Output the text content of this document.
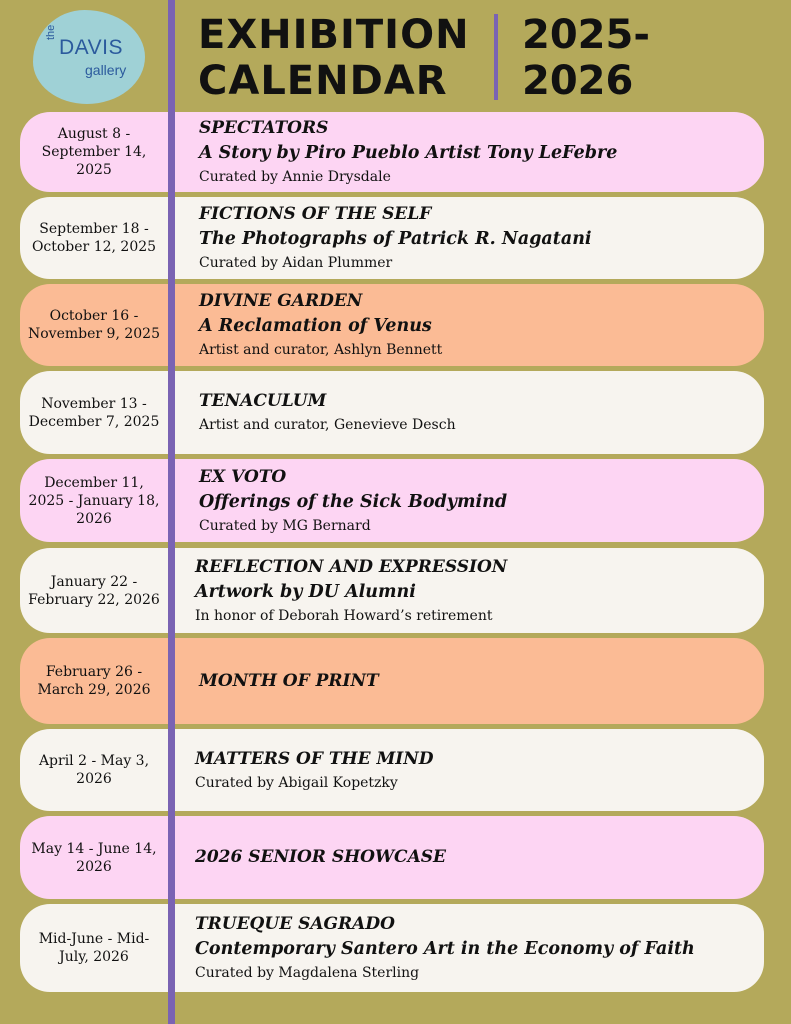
the
DAVIS
gallery
EXHIBITION
CALENDAR
2025-
2026
August 8 - September 14, 2025
SPECTATORS
A Story by Piro Pueblo Artist Tony LeFebre
Curated by Annie Drysdale
September 18 - October 12, 2025
FICTIONS OF THE SELF
The Photographs of Patrick R. Nagatani
Curated by Aidan Plummer
October 16 - November 9, 2025
DIVINE GARDEN
A Reclamation of Venus
Artist and curator, Ashlyn Bennett
November 13 - December 7, 2025
TENACULUM
Artist and curator, Genevieve Desch
December 11, 2025 - January 18, 2026
EX VOTO
Offerings of the Sick Bodymind
Curated by MG Bernard
January 22 - February 22, 2026
REFLECTION AND EXPRESSION
Artwork by DU Alumni
In honor of Deborah Howard’s retirement
February 26 - March 29, 2026	MONTH OF PRINT
April 2 - May 3, 2026
MATTERS OF THE MIND
Curated by Abigail Kopetzky
May 14 - June 14, 2026	2026 SENIOR SHOWCASE
Mid-June - Mid-July, 2026
TRUEQUE SAGRADO
Contemporary Santero Art in the Economy of Faith
Curated by Magdalena Sterling
